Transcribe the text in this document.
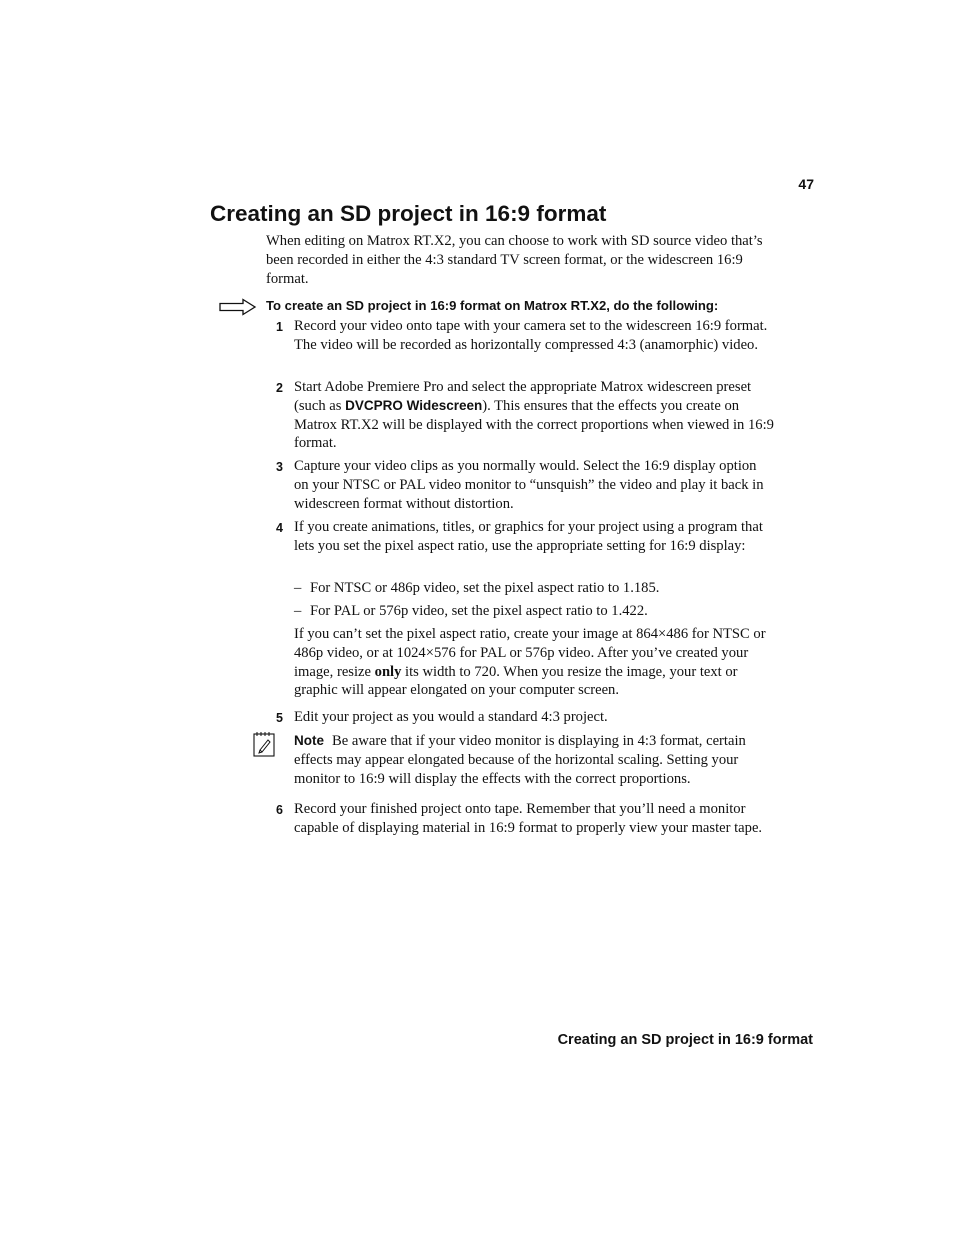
47
Creating an SD project in 16:9 format
When editing on Matrox RT.X2, you can choose to work with SD source video that’s been recorded in either the 4:3 standard TV screen format, or the widescreen 16:9 format.
To create an SD project in 16:9 format on Matrox RT.X2, do the following:
1 Record your video onto tape with your camera set to the widescreen 16:9 format. The video will be recorded as horizontally compressed 4:3 (anamorphic) video.
2 Start Adobe Premiere Pro and select the appropriate Matrox widescreen preset (such as DVCPRO Widescreen). This ensures that the effects you create on Matrox RT.X2 will be displayed with the correct proportions when viewed in 16:9 format.
3 Capture your video clips as you normally would. Select the 16:9 display option on your NTSC or PAL video monitor to “unsquish” the video and play it back in widescreen format without distortion.
4 If you create animations, titles, or graphics for your project using a program that lets you set the pixel aspect ratio, use the appropriate setting for 16:9 display:
– For NTSC or 486p video, set the pixel aspect ratio to 1.185.
– For PAL or 576p video, set the pixel aspect ratio to 1.422.
If you can’t set the pixel aspect ratio, create your image at 864×486 for NTSC or 486p video, or at 1024×576 for PAL or 576p video. After you’ve created your image, resize only its width to 720. When you resize the image, your text or graphic will appear elongated on your computer screen.
5 Edit your project as you would a standard 4:3 project.
Note Be aware that if your video monitor is displaying in 4:3 format, certain effects may appear elongated because of the horizontal scaling. Setting your monitor to 16:9 will display the effects with the correct proportions.
6 Record your finished project onto tape. Remember that you’ll need a monitor capable of displaying material in 16:9 format to properly view your master tape.
Creating an SD project in 16:9 format
